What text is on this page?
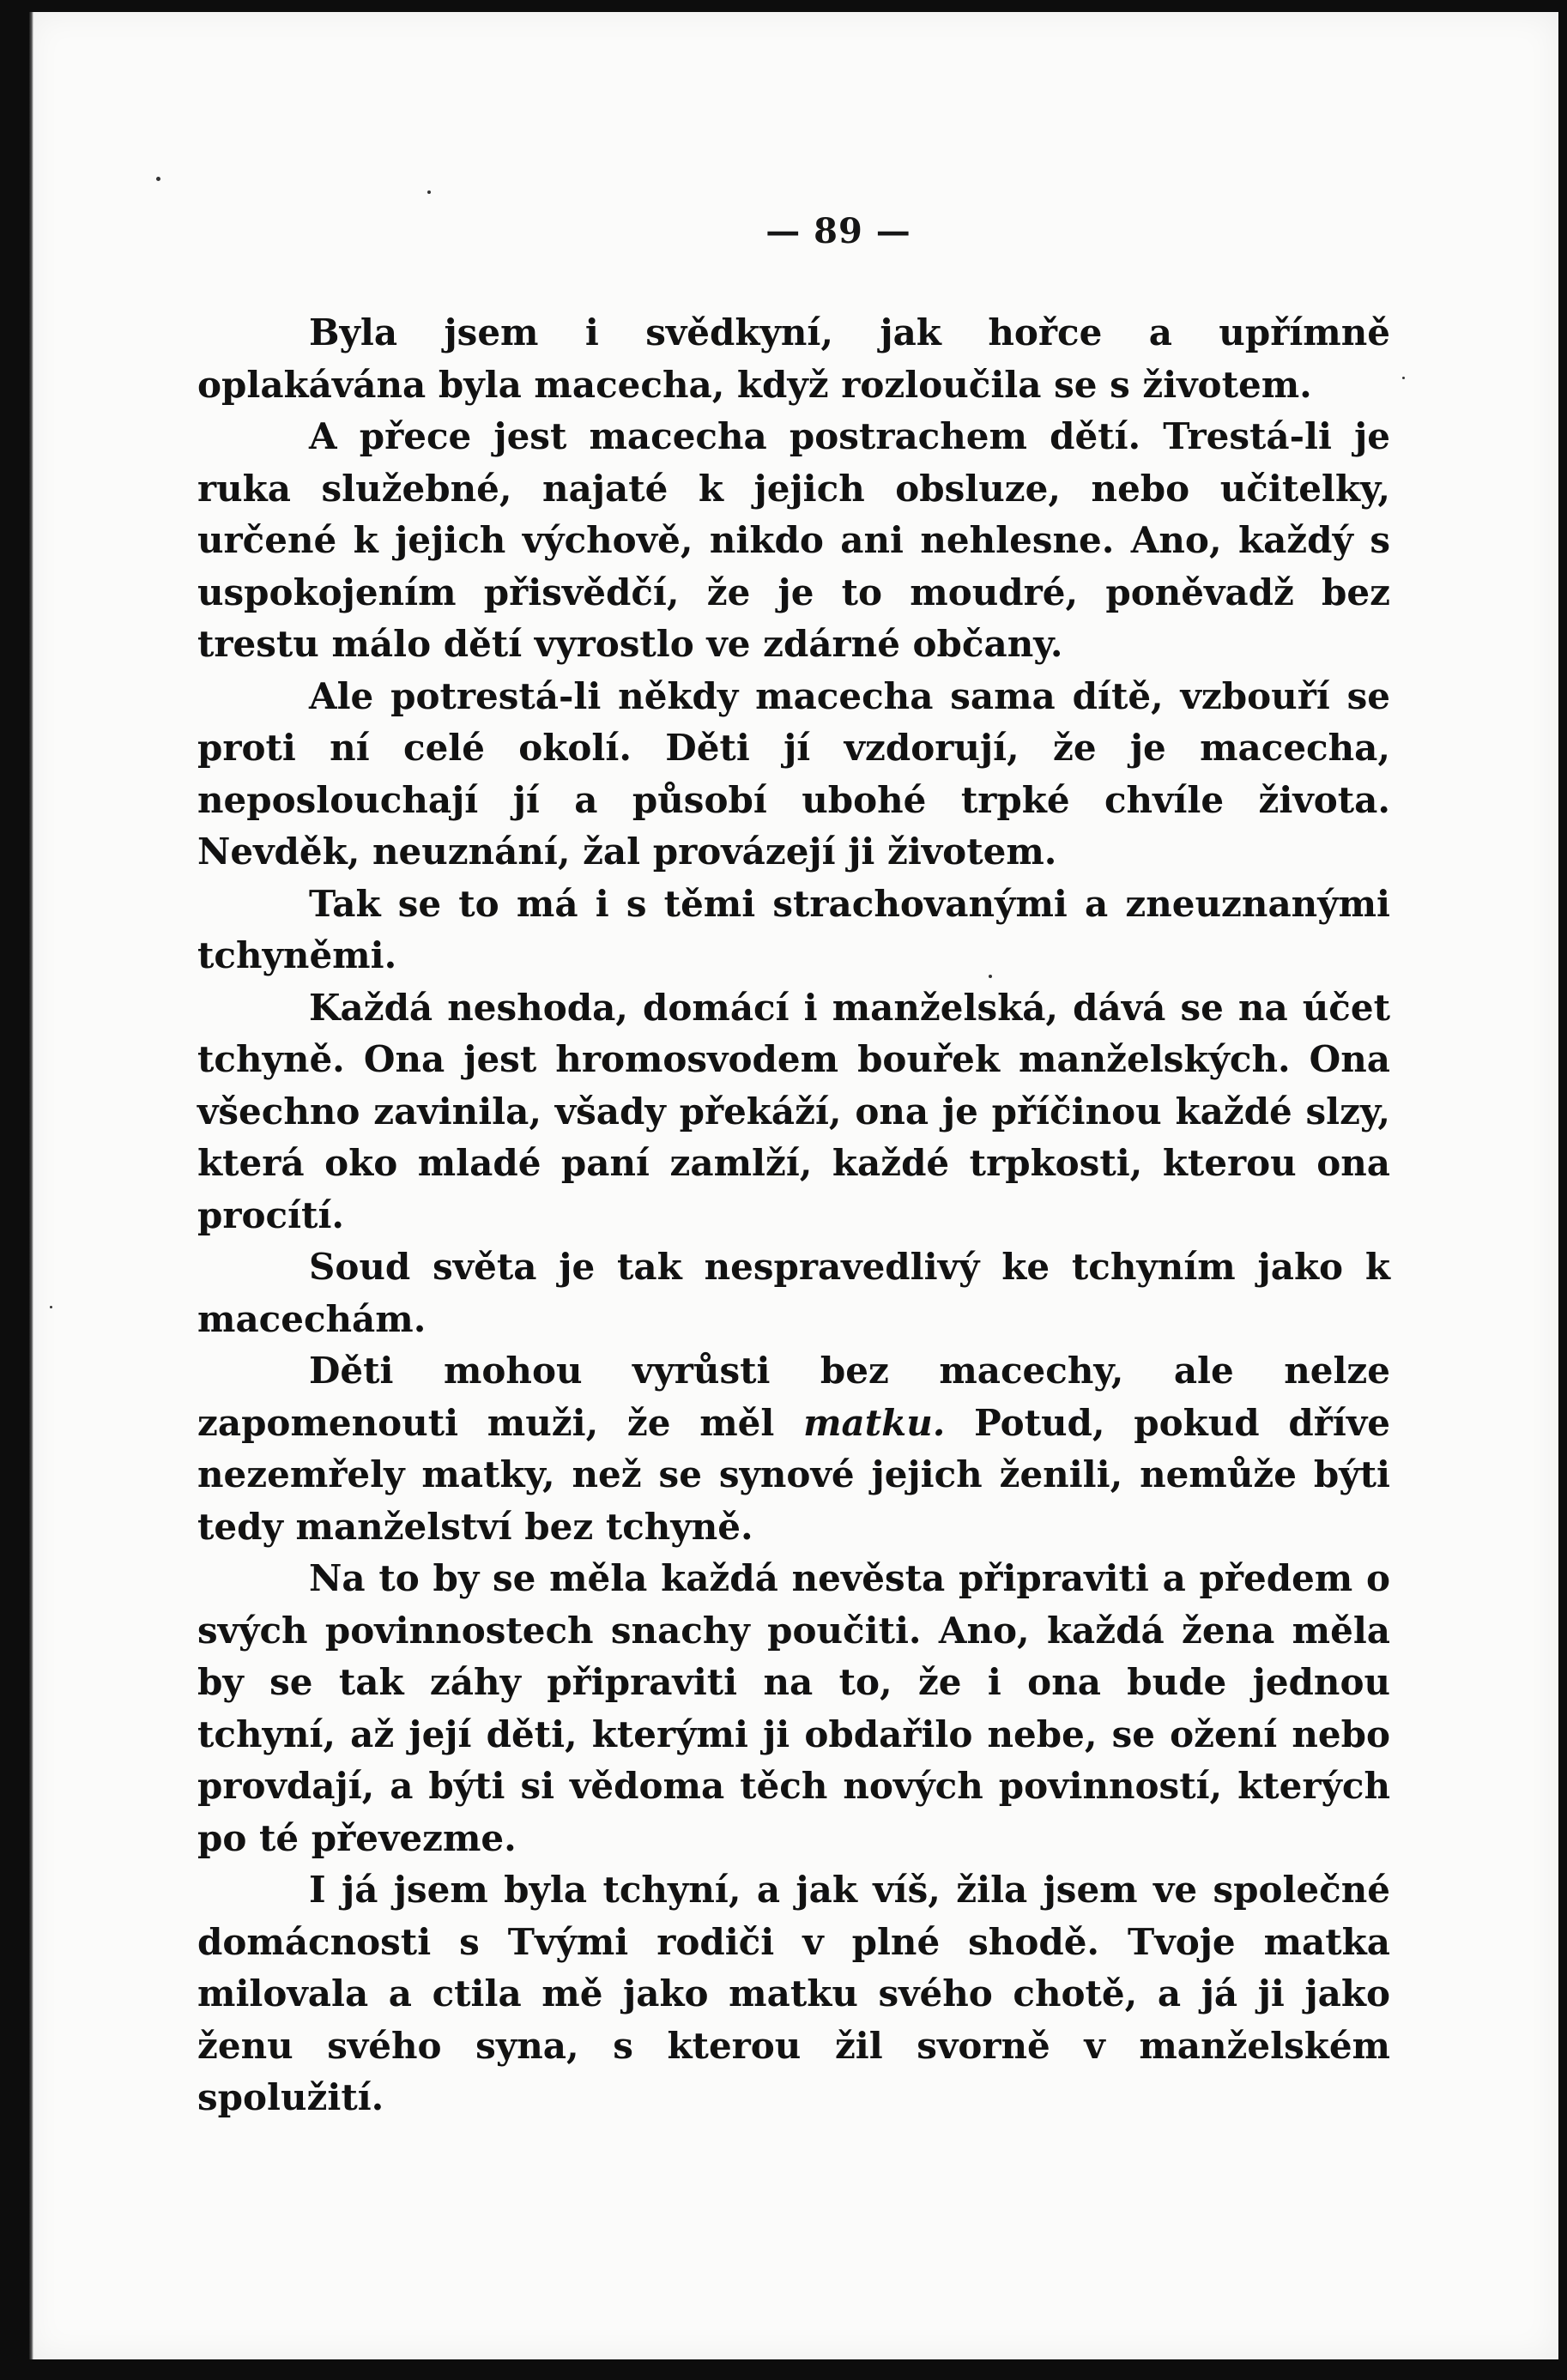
— 89 —

Byla jsem i svědkyní, jak hořce a upřímně oplakávána byla macecha, když rozloučila se s životem.

A přece jest macecha postrachem dětí. Trestá-li je ruka služebné, najaté k jejich obsluze, nebo učitelky, určené k jejich výchově, nikdo ani nehlesne. Ano, každý s uspokojením přisvědčí, že je to moudré, poněvadž bez trestu málo dětí vyrostlo ve zdárné občany.

Ale potrestá-li někdy macecha sama dítě, vzbouří se proti ní celé okolí. Děti jí vzdorují, že je macecha, neposlouchají jí a působí ubohé trpké chvíle života. Nevděk, neuznání, žal provázejí ji životem.

Tak se to má i s těmi strachovanými a zneuznanými tchyněmi.

Každá neshoda, domácí i manželská, dává se na účet tchyně. Ona jest hromosvodem bouřek manželských. Ona všechno zavinila, všady překáží, ona je příčinou každé slzy, která oko mladé paní zamlží, každé trpkosti, kterou ona procítí.

Soud světa je tak nespravedlivý ke tchyním jako k macechám.

Děti mohou vyrůsti bez macechy, ale nelze zapomenouti muži, že měl matku. Potud, pokud dříve nezemřely matky, než se synové jejich ženili, nemůže býti tedy manželství bez tchyně.

Na to by se měla každá nevěsta připraviti a předem o svých povinnostech snachy poučiti. Ano, každá žena měla by se tak záhy připraviti na to, že i ona bude jednou tchyní, až její děti, kterými ji obdařilo nebe, se ožení nebo provdají, a býti si vědoma těch nových povinností, kterých po té převezme.

I já jsem byla tchyní, a jak víš, žila jsem ve společné domácnosti s Tvými rodiči v plné shodě. Tvoje matka milovala a ctila mě jako matku svého chotě, a já ji jako ženu svého syna, s kterou žil svorně v manželském spolužití.
